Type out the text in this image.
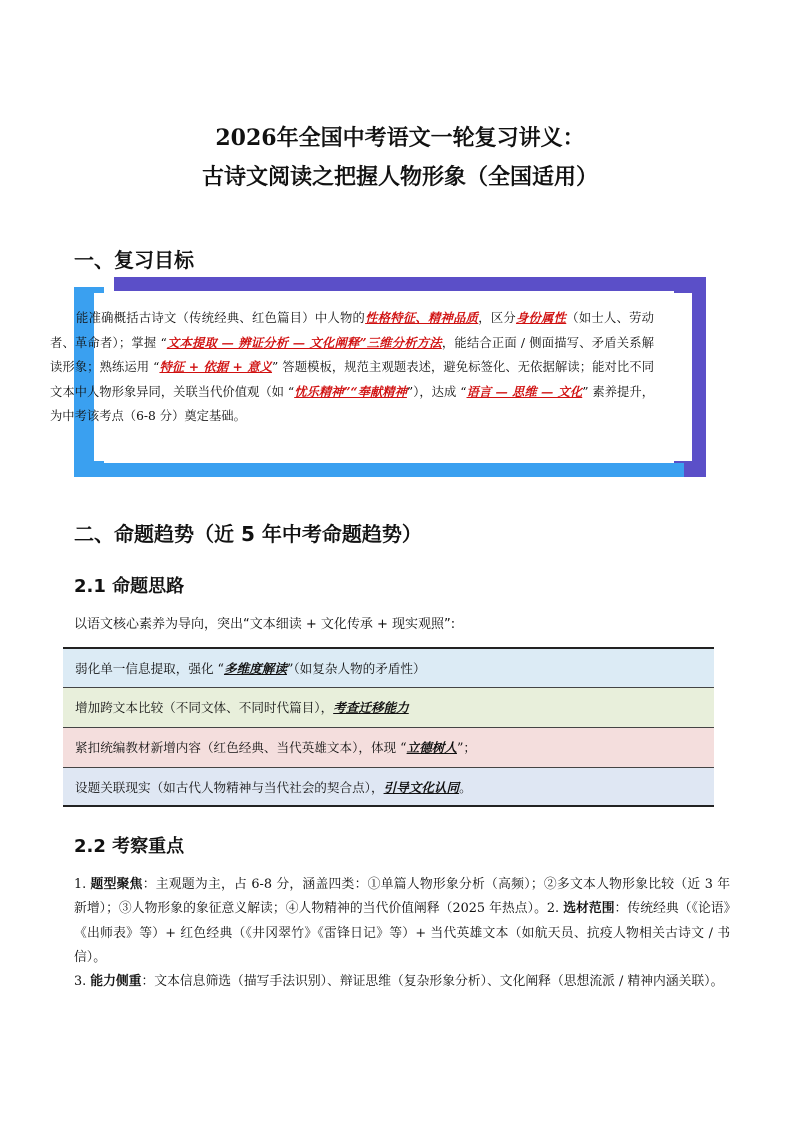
2026年全国中考语文一轮复习讲义：
古诗文阅读之把握人物形象（全国适用）
一、复习目标

能准确概括古诗文（传统经典、红色篇目）中人物的性格特征、精神品质，区分身份属性（如士人、劳动者、革命者）；掌握 “文本提取 — 辨证分析 — 文化阐释”三维分析方法，能结合正面 / 侧面描写、矛盾关系解读形象；熟练运用 “特征 + 依据 + 意义” 答题模板，规范主观题表述，避免标签化、无依据解读；能对比不同文本中人物形象异同，关联当代价值观（如 “忧乐精神”“奉献精神”），达成 “语言 — 思维 — 文化” 素养提升，为中考该考点（6-8 分）奠定基础。

二、命题趋势（近 5 年中考命题趋势）
2.1 命题思路
以语文核心素养为导向，突出“文本细读 + 文化传承 + 现实观照”:
弱化单一信息提取，强化 “多维度解读”（如复杂人物的矛盾性）
增加跨文本比较（不同文体、不同时代篇目），考查迁移能力
紧扣统编教材新增内容（红色经典、当代英雄文本），体现 “立德树人”；
设题关联现实（如古代人物精神与当代社会的契合点），引导文化认同。
2.2 考察重点

1. 题型聚焦：主观题为主，占 6-8 分，涵盖四类：①单篇人物形象分析（高频）；②多文本人物形象比较（近 3 年新增）；③人物形象的象征意义解读；④人物精神的当代价值阐释（2025 年热点）。2. 选材范围：传统经典（《论语》《出师表》等）+ 红色经典（《井冈翠竹》《雷锋日记》等）+ 当代英雄文本（如航天员、抗疫人物相关古诗文 / 书信）。
3. 能力侧重：文本信息筛选（描写手法识别）、辩证思维（复杂形象分析）、文化阐释（思想流派 / 精神内涵关联）。
